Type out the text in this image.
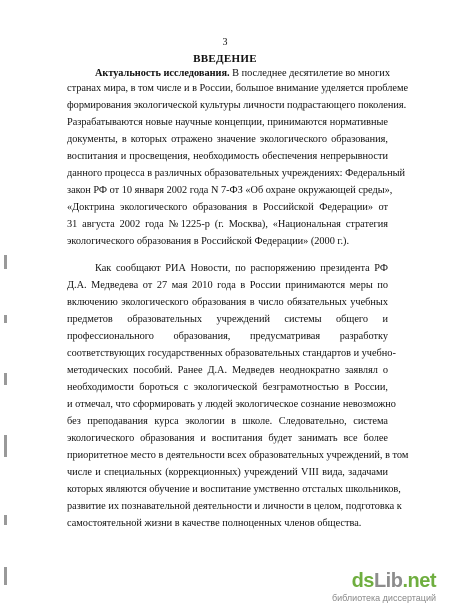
3
ВВЕДЕНИЕ
Актуальность исследования. В последнее десятилетие во многих
странах мира, в том числе и в России, большое внимание уделяется проблеме
формирования экологической культуры личности подрастающего поколения.
Разрабатываются новые научные концепции, принимаются нормативные
документы, в которых отражено значение экологического образования,
воспитания и просвещения, необходимость обеспечения непрерывности
данного процесса в различных образовательных учреждениях: Федеральный
закон РФ от 10 января 2002 года N 7-ФЗ «Об охране окружающей среды»,
«Доктрина экологического образования в Российской Федерации» от
31 августа 2002 года №1225-р (г. Москва), «Национальная стратегия
экологического образования в Российской Федерации» (2000 г.).
Как сообщают РИА Новости, по распоряжению президента РФ
Д.А. Медведева от 27 мая 2010 года в России принимаются меры по
включению экологического образования в число обязательных учебных
предметов образовательных учреждений системы общего и
профессионального образования, предусматривая разработку
соответствующих государственных образовательных стандартов и учебно-
методических пособий. Ранее Д.А. Медведев неоднократно заявлял о
необходимости бороться с экологической безграмотностью в России,
и отмечал, что сформировать у людей экологическое сознание невозможно
без преподавания курса экологии в школе. Следовательно, система
экологического образования и воспитания будет занимать все более
приоритетное место в деятельности всех образовательных учреждений, в том
числе и специальных (коррекционных) учреждений VIII вида, задачами
которых являются обучение и воспитание умственно отсталых школьников,
развитие их познавательной деятельности и личности в целом, подготовка к
самостоятельной жизни в качестве полноценных членов общества.
dsLib.net
библиотека диссертаций
